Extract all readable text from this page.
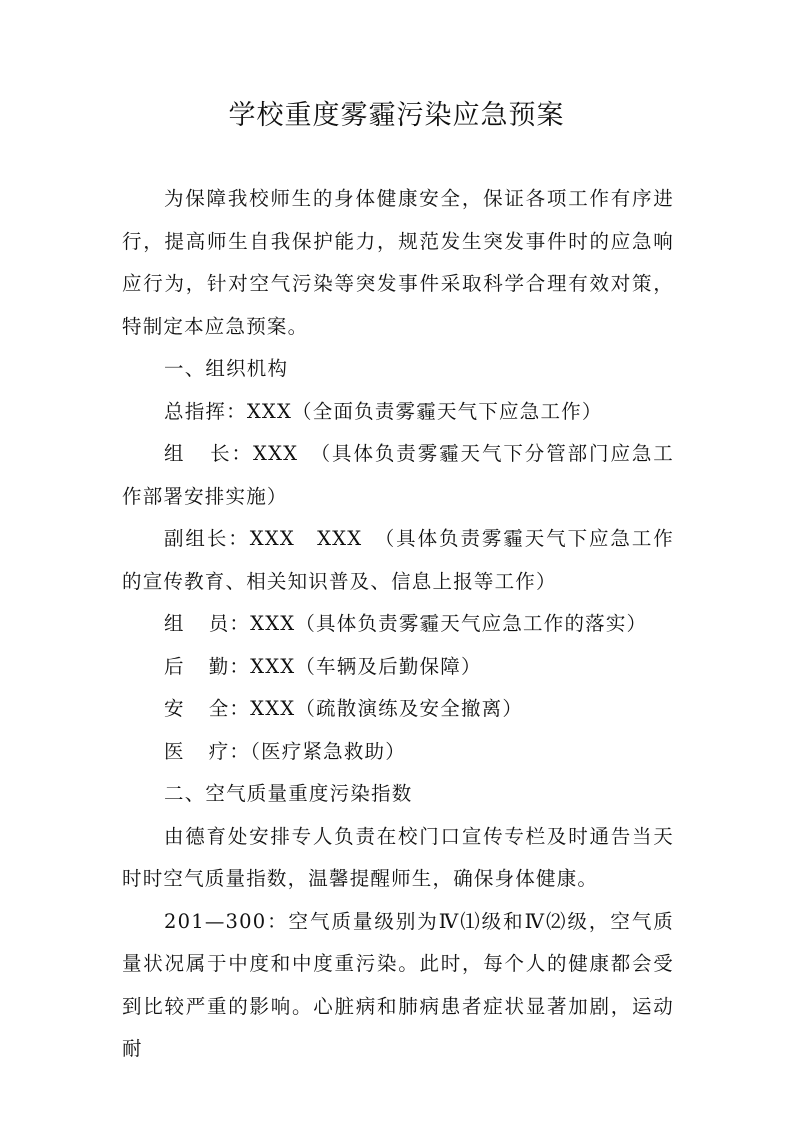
学校重度雾霾污染应急预案

为保障我校师生的身体健康安全，保证各项工作有序进行，提高师生自我保护能力，规范发生突发事件时的应急响应行为，针对空气污染等突发事件采取科学合理有效对策，特制定本应急预案。

一、组织机构

总指挥：XXX（全面负责雾霾天气下应急工作）

组 长：XXX　（具体负责雾霾天气下分管部门应急工作部署安排实施）

副组长：XXX　XXX　（具体负责雾霾天气下应急工作的宣传教育、相关知识普及、信息上报等工作）

组 员：XXX（具体负责雾霾天气应急工作的落实）

后 勤：XXX（车辆及后勤保障）

安 全：XXX（疏散演练及安全撤离）

医 疗：（医疗紧急救助）

二、空气质量重度污染指数

由德育处安排专人负责在校门口宣传专栏及时通告当天时时空气质量指数，温馨提醒师生，确保身体健康。

201—300：空气质量级别为Ⅳ⑴级和Ⅳ⑵级，空气质量状况属于中度和中度重污染。此时，每个人的健康都会受到比较严重的影响。心脏病和肺病患者症状显著加剧，运动耐
